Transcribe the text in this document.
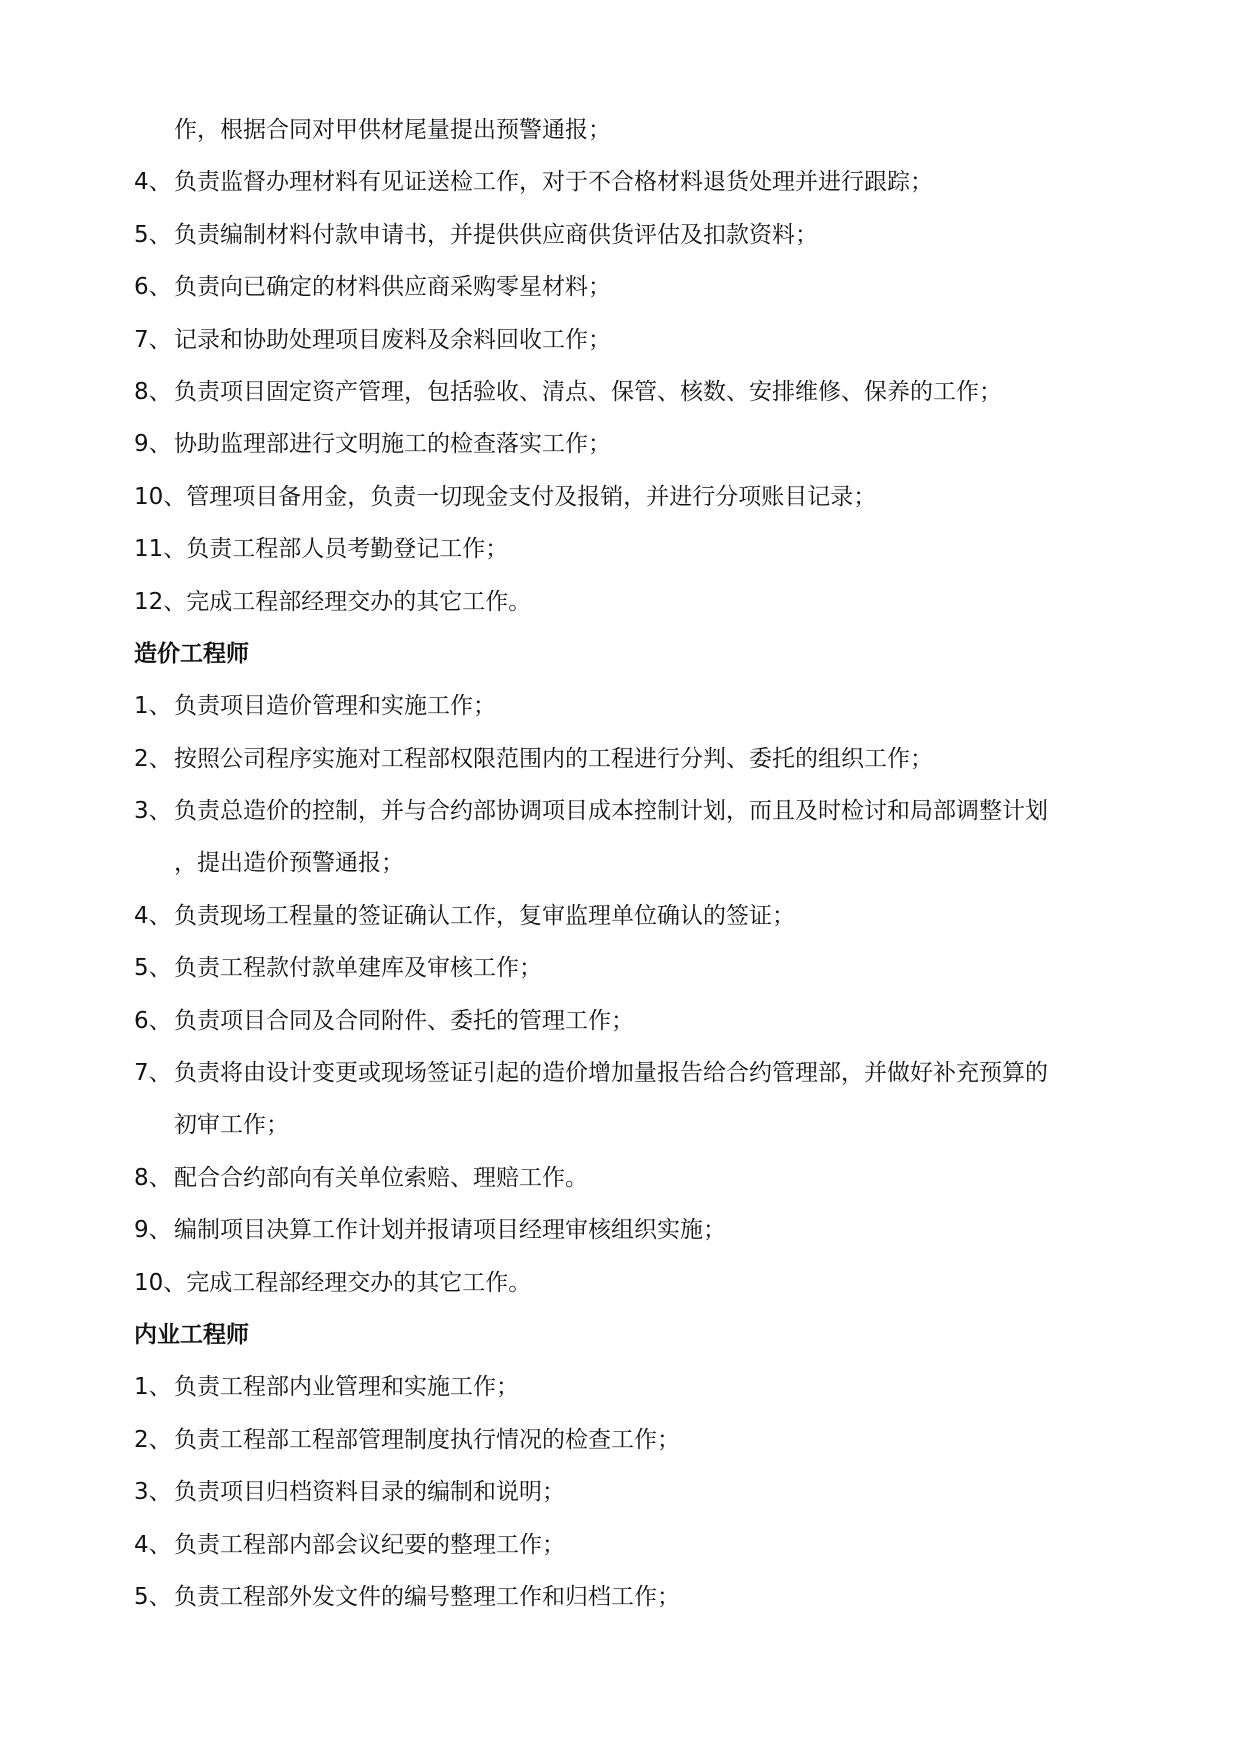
作，根据合同对甲供材尾量提出预警通报；
4、 负责监督办理材料有见证送检工作，对于不合格材料退货处理并进行跟踪；
5、 负责编制材料付款申请书，并提供供应商供货评估及扣款资料；
6、 负责向已确定的材料供应商采购零星材料；
7、 记录和协助处理项目废料及余料回收工作；
8、 负责项目固定资产管理，包括验收、清点、保管、核数、安排维修、保养的工作；
9、 协助监理部进行文明施工的检查落实工作；
10、管理项目备用金，负责一切现金支付及报销，并进行分项账目记录；
11、负责工程部人员考勤登记工作；
12、完成工程部经理交办的其它工作。
造价工程师
1、 负责项目造价管理和实施工作；
2、 按照公司程序实施对工程部权限范围内的工程进行分判、委托的组织工作；
3、 负责总造价的控制，并与合约部协调项目成本控制计划，而且及时检讨和局部调整计划
，提出造价预警通报；
4、 负责现场工程量的签证确认工作，复审监理单位确认的签证；
5、 负责工程款付款单建库及审核工作；
6、 负责项目合同及合同附件、委托的管理工作；
7、 负责将由设计变更或现场签证引起的造价增加量报告给合约管理部，并做好补充预算的
初审工作；
8、 配合合约部向有关单位索赔、理赔工作。
9、 编制项目决算工作计划并报请项目经理审核组织实施；
10、完成工程部经理交办的其它工作。
内业工程师
1、 负责工程部内业管理和实施工作；
2、 负责工程部工程部管理制度执行情况的检查工作；
3、 负责项目归档资料目录的编制和说明；
4、 负责工程部内部会议纪要的整理工作；
5、 负责工程部外发文件的编号整理工作和归档工作；
